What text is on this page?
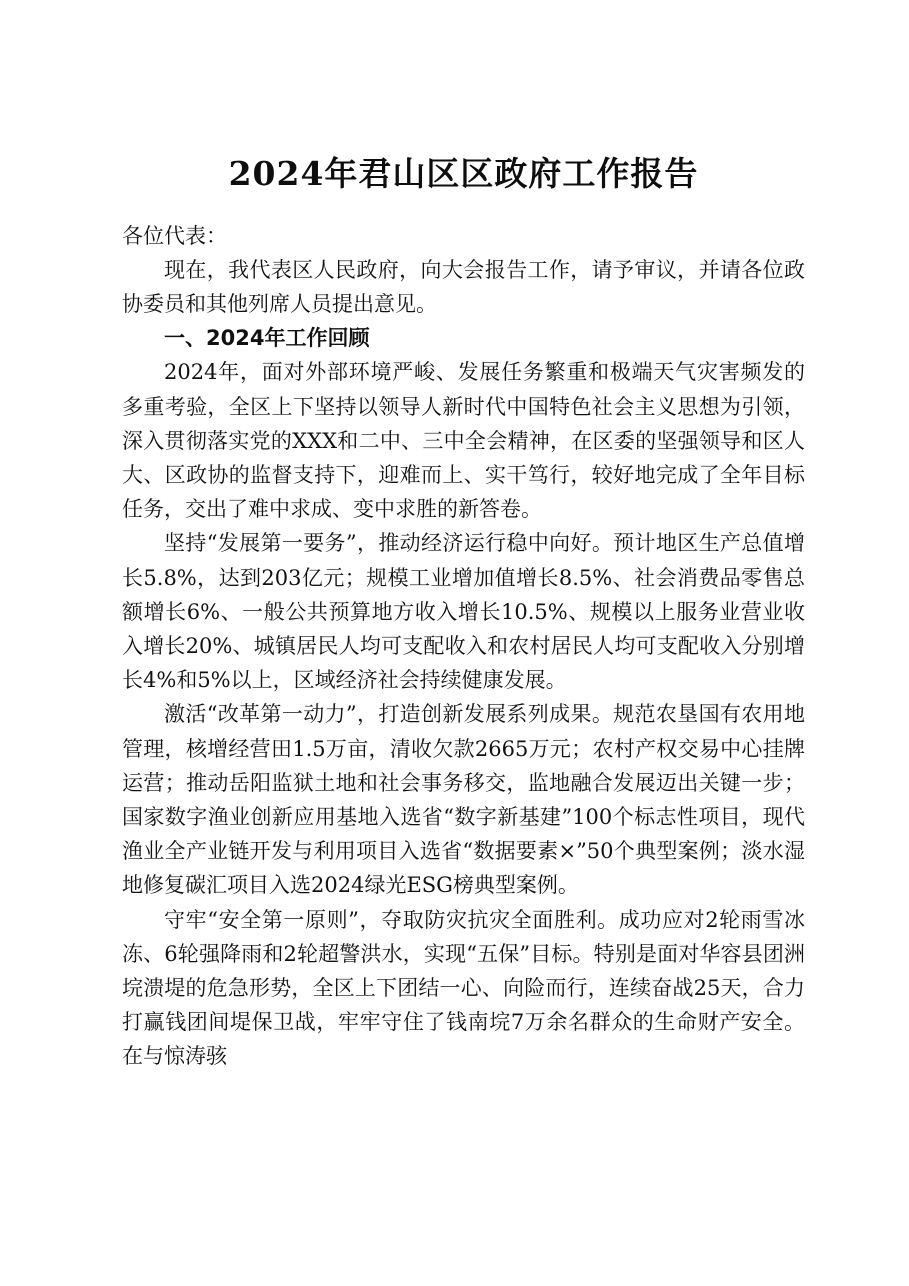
2024年君山区区政府工作报告

各位代表：

现在，我代表区人民政府，向大会报告工作，请予审议，并请各位政协委员和其他列席人员提出意见。

一、2024年工作回顾

2024年，面对外部环境严峻、发展任务繁重和极端天气灾害频发的多重考验，全区上下坚持以领导人新时代中国特色社会主义思想为引领，深入贯彻落实党的XXX和二中、三中全会精神，在区委的坚强领导和区人大、区政协的监督支持下，迎难而上、实干笃行，较好地完成了全年目标任务，交出了难中求成、变中求胜的新答卷。

坚持“发展第一要务”，推动经济运行稳中向好。预计地区生产总值增长5.8%，达到203亿元；规模工业增加值增长8.5%、社会消费品零售总额增长6%、一般公共预算地方收入增长10.5%、规模以上服务业营业收入增长20%、城镇居民人均可支配收入和农村居民人均可支配收入分别增长4%和5%以上，区域经济社会持续健康发展。

激活“改革第一动力”，打造创新发展系列成果。规范农垦国有农用地管理，核增经营田1.5万亩，清收欠款2665万元；农村产权交易中心挂牌运营；推动岳阳监狱土地和社会事务移交，监地融合发展迈出关键一步；国家数字渔业创新应用基地入选省“数字新基建”100个标志性项目，现代渔业全产业链开发与利用项目入选省“数据要素×”50个典型案例；淡水湿地修复碳汇项目入选2024绿光ESG榜典型案例。

守牢“安全第一原则”，夺取防灾抗灾全面胜利。成功应对2轮雨雪冰冻、6轮强降雨和2轮超警洪水，实现“五保”目标。特别是面对华容县团洲垸溃堤的危急形势，全区上下团结一心、向险而行，连续奋战25天，合力打赢钱团间堤保卫战，牢牢守住了钱南垸7万余名群众的生命财产安全。在与惊涛骇
